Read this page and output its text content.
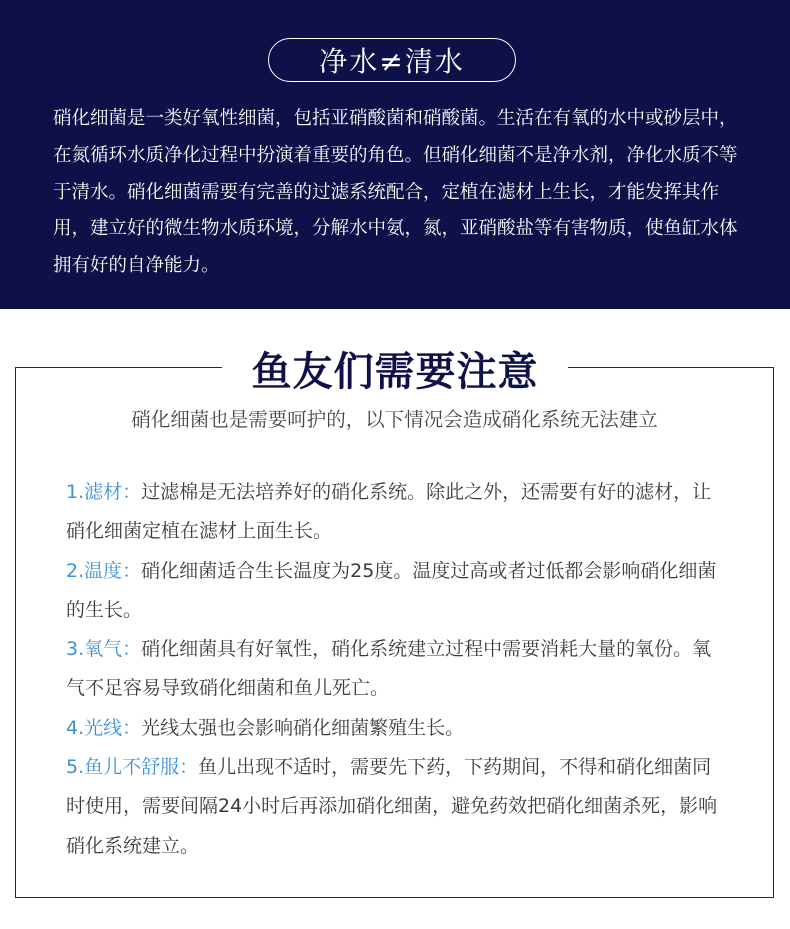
净水≠清水

硝化细菌是一类好氧性细菌，包括亚硝酸菌和硝酸菌。生活在有氧的水中或砂层中，在氮循环水质净化过程中扮演着重要的角色。但硝化细菌不是净水剂，净化水质不等于清水。硝化细菌需要有完善的过滤系统配合，定植在滤材上生长，才能发挥其作用，建立好的微生物水质环境，分解水中氨，氮，亚硝酸盐等有害物质，使鱼缸水体拥有好的自净能力。

鱼友们需要注意
硝化细菌也是需要呵护的，以下情况会造成硝化系统无法建立

1.滤材：过滤棉是无法培养好的硝化系统。除此之外，还需要有好的滤材，让硝化细菌定植在滤材上面生长。

2.温度：硝化细菌适合生长温度为25度。温度过高或者过低都会影响硝化细菌的生长。

3.氧气：硝化细菌具有好氧性，硝化系统建立过程中需要消耗大量的氧份。氧气不足容易导致硝化细菌和鱼儿死亡。

4.光线：光线太强也会影响硝化细菌繁殖生长。

5.鱼儿不舒服：鱼儿出现不适时，需要先下药，下药期间，不得和硝化细菌同时使用，需要间隔24小时后再添加硝化细菌，避免药效把硝化细菌杀死，影响硝化系统建立。
